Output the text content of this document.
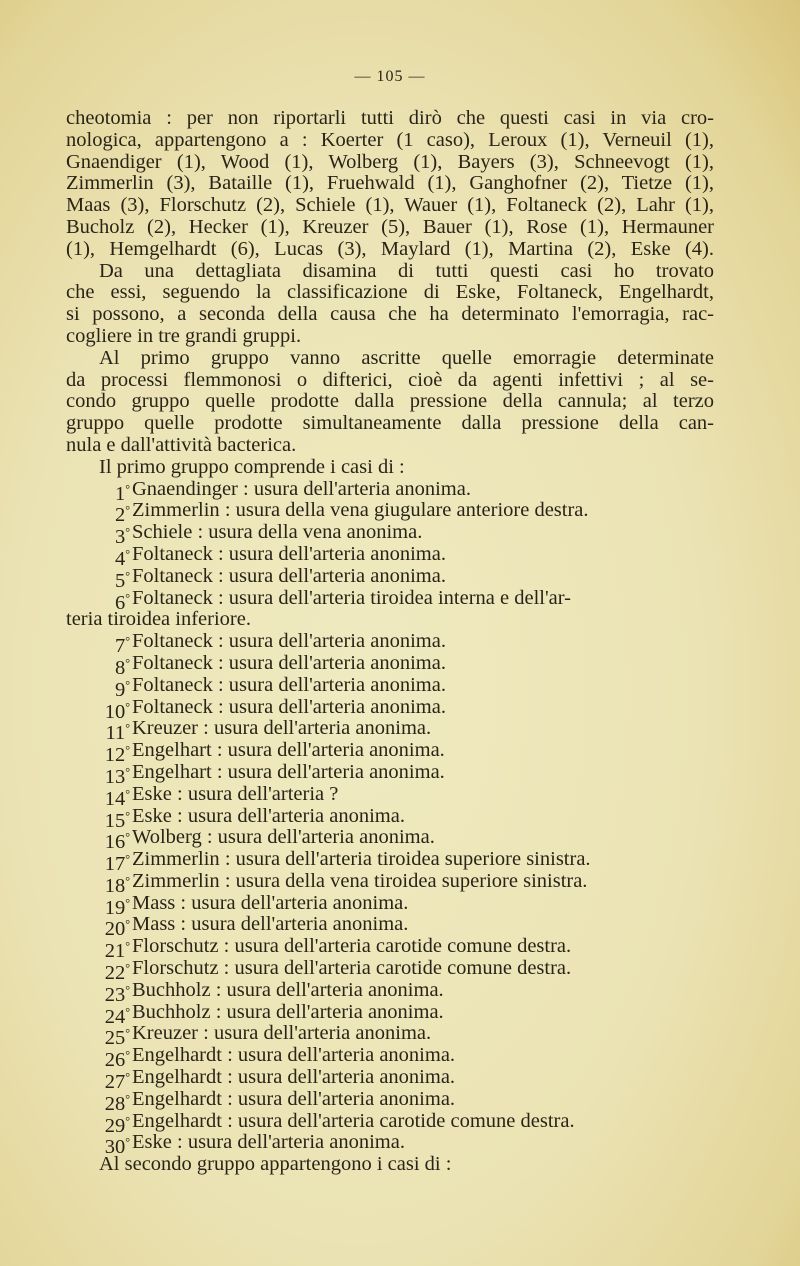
— 105 —

cheotomia : per non riportarli tutti dirò che questi casi in via cro-
nologica, appartengono a : Koerter (1 caso), Leroux (1), Verneuil (1),
Gnaendiger (1), Wood (1), Wolberg (1), Bayers (3), Schneevogt (1),
Zimmerlin (3), Bataille (1), Fruehwald (1), Ganghofner (2), Tietze (1),
Maas (3), Florschutz (2), Schiele (1), Wauer (1), Foltaneck (2), Lahr (1),
Bucholz (2), Hecker (1), Kreuzer (5), Bauer (1), Rose (1), Hermauner
(1), Hemgelhardt (6), Lucas (3), Maylard (1), Martina (2), Eske (4).

Da una dettagliata disamina di tutti questi casi ho trovato
che essi, seguendo la classificazione di Eske, Foltaneck, Engelhardt,
si possono, a seconda della causa che ha determinato l'emorragia, rac-
cogliere in tre grandi gruppi.

Al primo gruppo vanno ascritte quelle emorragie determinate
da processi flemmonosi o difterici, cioè da agenti infettivi ; al se-
condo gruppo quelle prodotte dalla pressione della cannula; al terzo
gruppo quelle prodotte simultaneamente dalla pressione della can-
nula e dall'attività bacterica.

Il primo gruppo comprende i casi di :

1° Gnaendinger : usura dell'arteria anonima.
2° Zimmerlin : usura della vena giugulare anteriore destra.
3° Schiele : usura della vena anonima.
4° Foltaneck : usura dell'arteria anonima.
5° Foltaneck : usura dell'arteria anonima.
6° Foltaneck : usura dell'arteria tiroidea interna e dell'ar-
teria tiroidea inferiore.
7° Foltaneck : usura dell'arteria anonima.
8° Foltaneck : usura dell'arteria anonima.
9° Foltaneck : usura dell'arteria anonima.
10° Foltaneck : usura dell'arteria anonima.
11° Kreuzer : usura dell'arteria anonima.
12° Engelhart : usura dell'arteria anonima.
13° Engelhart : usura dell'arteria anonima.
14° Eske : usura dell'arteria ?
15° Eske : usura dell'arteria anonima.
16° Wolberg : usura dell'arteria anonima.
17° Zimmerlin : usura dell'arteria tiroidea superiore sinistra.
18° Zimmerlin : usura della vena tiroidea superiore sinistra.
19° Mass : usura dell'arteria anonima.
20° Mass : usura dell'arteria anonima.
21° Florschutz : usura dell'arteria carotide comune destra.
22° Florschutz : usura dell'arteria carotide comune destra.
23° Buchholz : usura dell'arteria anonima.
24° Buchholz : usura dell'arteria anonima.
25° Kreuzer : usura dell'arteria anonima.
26° Engelhardt : usura dell'arteria anonima.
27° Engelhardt : usura dell'arteria anonima.
28° Engelhardt : usura dell'arteria anonima.
29° Engelhardt : usura dell'arteria carotide comune destra.
30° Eske : usura dell'arteria anonima.

Al secondo gruppo appartengono i casi di :
